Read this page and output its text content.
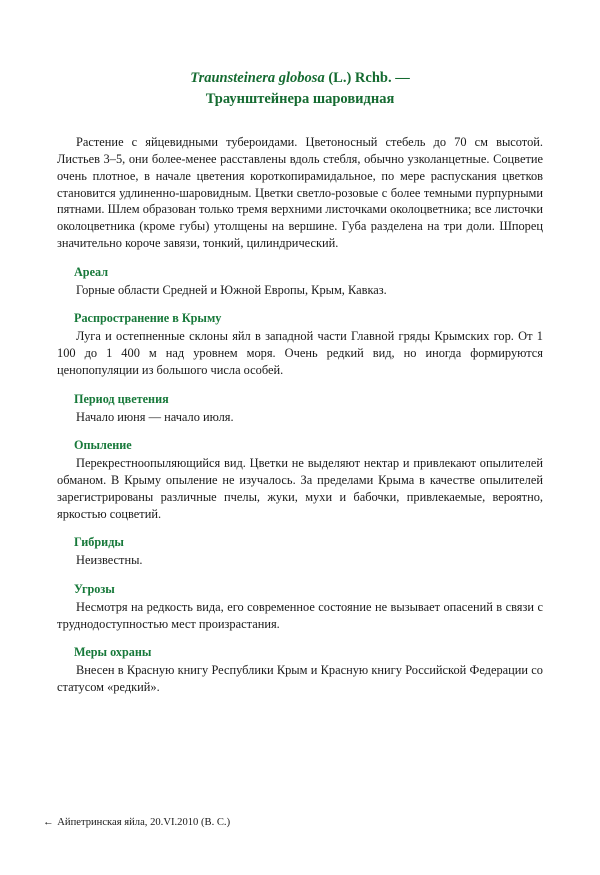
Traunsteinera globosa (L.) Rchb. —
Траунштейнера шаровидная

Растение с яйцевидными тубероидами. Цветоносный стебель до 70 см высотой. Листьев 3–5, они более-менее расставлены вдоль стебля, обычно узколанцетные. Соцветие очень плотное, в начале цветения короткопирамидальное, по мере распускания цветков становится удлиненно-шаровидным. Цветки светло-розовые с более темными пурпурными пятнами. Шлем образован только тремя верхними листочками околоцветника; все листочки околоцветника (кроме губы) утолщены на вершине. Губа разделена на три доли. Шпорец значительно короче завязи, тонкий, цилиндрический.

Ареал
Горные области Средней и Южной Европы, Крым, Кавказ.
Распространение в Крыму
Луга и остепненные склоны яйл в западной части Главной гряды Крымских гор. От 1 100 до 1 400 м над уровнем моря. Очень редкий вид, но иногда формируются ценопопуляции из большого числа особей.
Период цветения
Начало июня — начало июля.
Опыление
Перекрестноопыляющийся вид. Цветки не выделяют нектар и привлекают опылителей обманом. В Крыму опыление не изучалось. За пределами Крыма в качестве опылителей зарегистрированы различные пчелы, жуки, мухи и бабочки, привлекаемые, вероятно, яркостью соцветий.
Гибриды
Неизвестны.
Угрозы
Несмотря на редкость вида, его современное состояние не вызывает опасений в связи с труднодоступностью мест произрастания.
Меры охраны
Внесен в Красную книгу Республики Крым и Красную книгу Российской Федерации со статусом «редкий».
← Айпетринская яйла, 20.VI.2010 (В. С.)
